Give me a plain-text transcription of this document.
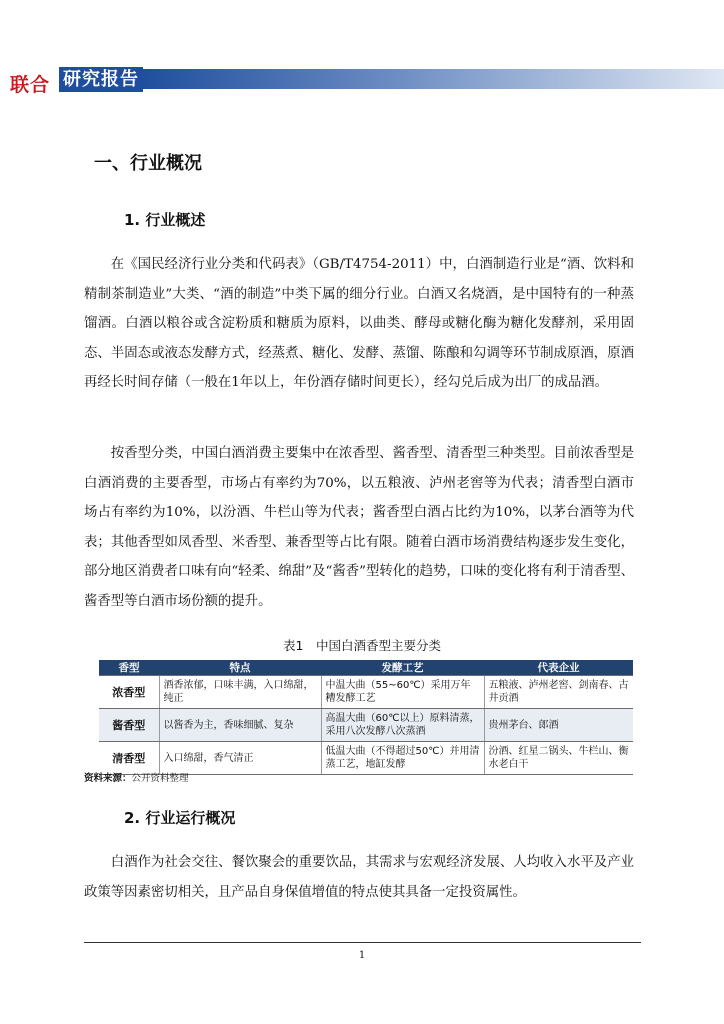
联合 研究报告
一、行业概况
1. 行业概述
在《国民经济行业分类和代码表》（GB/T4754-2011）中，白酒制造行业是“酒、饮料和精制茶制造业”大类、“酒的制造”中类下属的细分行业。白酒又名烧酒，是中国特有的一种蒸馏酒。白酒以粮谷或含淀粉质和糖质为原料，以曲类、酵母或糖化酶为糖化发酵剂，采用固态、半固态或液态发酵方式，经蒸煮、糖化、发酵、蒸馏、陈酿和勾调等环节制成原酒，原酒再经长时间存储（一般在1年以上，年份酒存储时间更长），经勾兑后成为出厂的成品酒。
按香型分类，中国白酒消费主要集中在浓香型、酱香型、清香型三种类型。目前浓香型是白酒消费的主要香型，市场占有率约为70%，以五粮液、泸州老窖等为代表；清香型白酒市场占有率约为10%，以汾酒、牛栏山等为代表；酱香型白酒占比约为10%，以茅台酒等为代表；其他香型如凤香型、米香型、兼香型等占比有限。随着白酒市场消费结构逐步发生变化，部分地区消费者口味有向“轻柔、绵甜”及“酱香”型转化的趋势，口味的变化将有利于清香型、酱香型等白酒市场份额的提升。
表1　中国白酒香型主要分类
香型	特点	发酵工艺	代表企业
浓香型	酒香浓郁，口味丰满，入口绵甜，纯正	中温大曲（55~60℃）采用万年糟发酵工艺	五粮液、泸州老窖、剑南春、古井贡酒
酱香型	以酱香为主，香味细腻、复杂	高温大曲（60℃以上）原料清蒸，采用八次发酵八次蒸酒	贵州茅台、郎酒
清香型	入口绵甜，香气清正	低温大曲（不得超过50℃）并用清蒸工艺，地缸发酵	汾酒、红星二锅头、牛栏山、衡水老白干
资料来源：公开资料整理
2. 行业运行概况
白酒作为社会交往、餐饮聚会的重要饮品，其需求与宏观经济发展、人均收入水平及产业政策等因素密切相关，且产品自身保值增值的特点使其具备一定投资属性。
1
